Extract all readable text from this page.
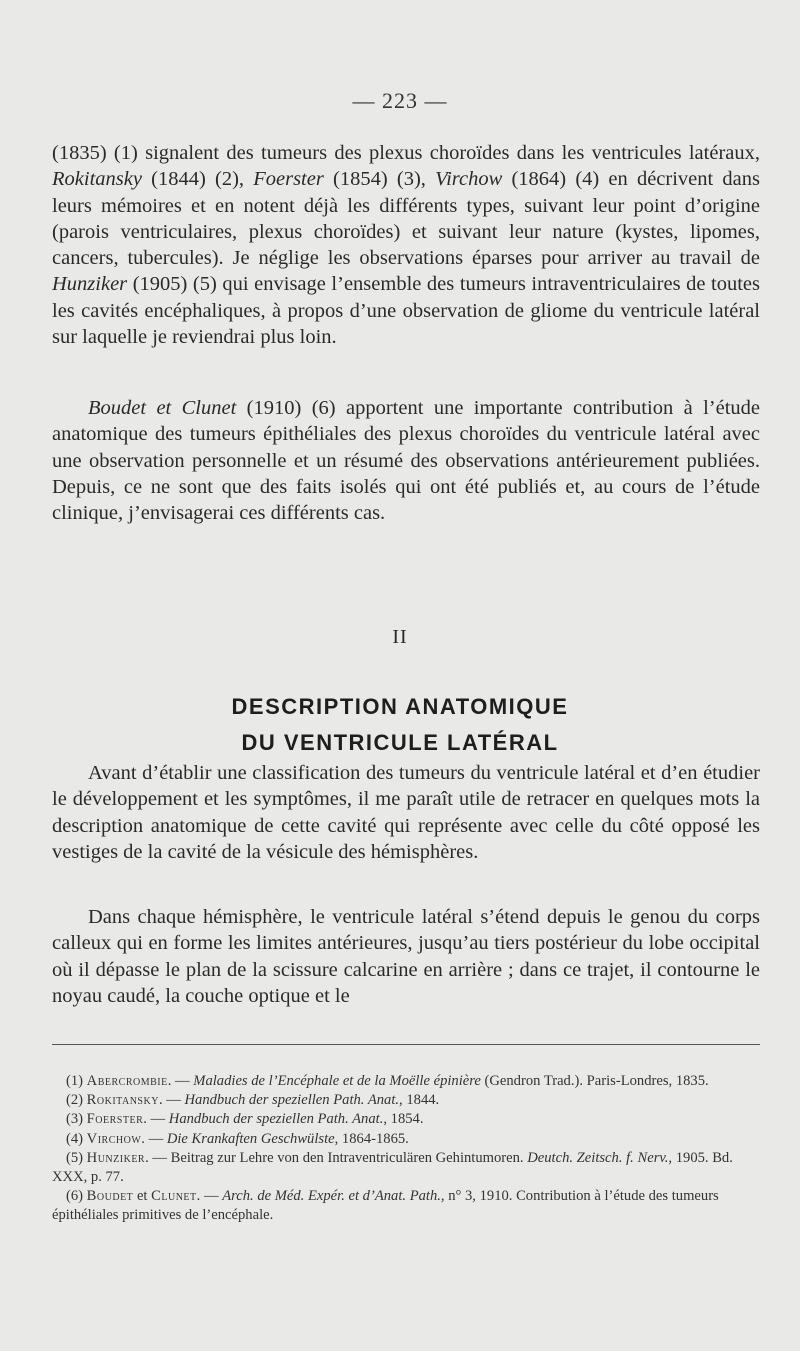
— 223 —

(1835) (1) signalent des tumeurs des plexus choroïdes dans les ventricules latéraux, Rokitansky (1844) (2), Foerster (1854) (3), Virchow (1864) (4) en décrivent dans leurs mémoires et en notent déjà les différents types, suivant leur point d’origine (parois ventriculaires, plexus choroïdes) et suivant leur nature (kystes, lipomes, cancers, tubercules). Je néglige les observations éparses pour arriver au travail de Hunziker (1905) (5) qui envisage l’ensemble des tumeurs intraventriculaires de toutes les cavités encéphaliques, à propos d’une observation de gliome du ventricule latéral sur laquelle je reviendrai plus loin.

Boudet et Clunet (1910) (6) apportent une importante contribution à l’étude anatomique des tumeurs épithéliales des plexus choroïdes du ventricule latéral avec une observation personnelle et un résumé des observations antérieurement publiées. Depuis, ce ne sont que des faits isolés qui ont été publiés et, au cours de l’étude clinique, j’envisagerai ces différents cas.

II
DESCRIPTION ANATOMIQUE
DU VENTRICULE LATÉRAL

Avant d’établir une classification des tumeurs du ventricule latéral et d’en étudier le développement et les symptômes, il me paraît utile de retracer en quelques mots la description anatomique de cette cavité qui représente avec celle du côté opposé les vestiges de la cavité de la vésicule des hémisphères.

Dans chaque hémisphère, le ventricule latéral s’étend depuis le genou du corps calleux qui en forme les limites antérieures, jusqu’au tiers postérieur du lobe occipital où il dépasse le plan de la scissure calcarine en arrière ; dans ce trajet, il contourne le noyau caudé, la couche optique et le

(1) Abercrombie. — Maladies de l’Encéphale et de la Moëlle épinière (Gendron Trad.). Paris-Londres, 1835.

(2) Rokitansky. — Handbuch der speziellen Path. Anat., 1844.

(3) Foerster. — Handbuch der speziellen Path. Anat., 1854.

(4) Virchow. — Die Krankaften Geschwülste, 1864-1865.

(5) Hunziker. — Beitrag zur Lehre von den Intraventriculären Gehintumoren. Deutch. Zeitsch. f. Nerv., 1905. Bd. XXX, p. 77.

(6) Boudet et Clunet. — Arch. de Méd. Expér. et d’Anat. Path., n° 3, 1910. Contribution à l’étude des tumeurs épithéliales primitives de l’encéphale.
